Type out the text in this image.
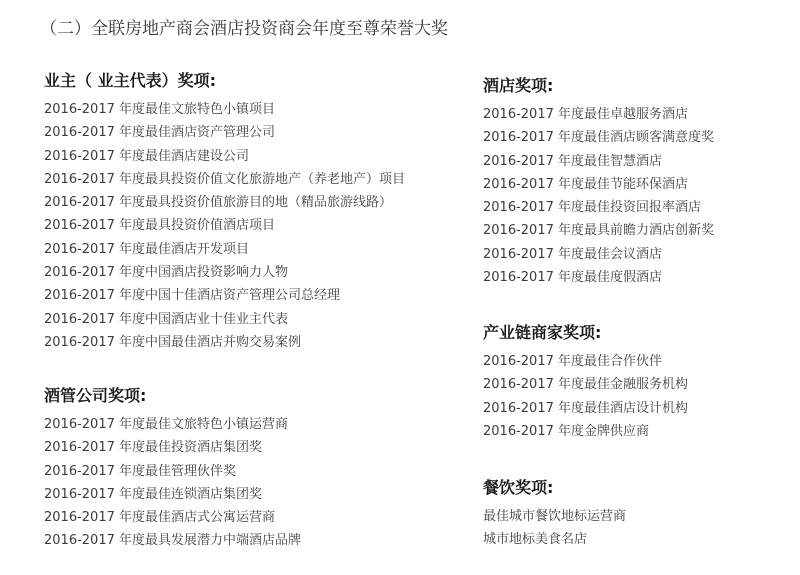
（二）全联房地产商会酒店投资商会年度至尊荣誉大奖
业主（ 业主代表）奖项:
2016-2017 年度最佳文旅特色小镇项目
2016-2017 年度最佳酒店资产管理公司
2016-2017 年度最佳酒店建设公司
2016-2017 年度最具投资价值文化旅游地产（养老地产）项目
2016-2017 年度最具投资价值旅游目的地（精品旅游线路）
2016-2017 年度最具投资价值酒店项目
2016-2017 年度最佳酒店开发项目
2016-2017 年度中国酒店投资影响力人物
2016-2017 年度中国十佳酒店资产管理公司总经理
2016-2017 年度中国酒店业十佳业主代表
2016-2017 年度中国最佳酒店并购交易案例
酒管公司奖项:
2016-2017 年度最佳文旅特色小镇运营商
2016-2017 年度最佳投资酒店集团奖
2016-2017 年度最佳管理伙伴奖
2016-2017 年度最佳连锁酒店集团奖
2016-2017 年度最佳酒店式公寓运营商
2016-2017 年度最具发展潜力中端酒店品牌
酒店奖项:
2016-2017 年度最佳卓越服务酒店
2016-2017 年度最佳酒店顾客满意度奖
2016-2017 年度最佳智慧酒店
2016-2017 年度最佳节能环保酒店
2016-2017 年度最佳投资回报率酒店
2016-2017 年度最具前瞻力酒店创新奖
2016-2017 年度最佳会议酒店
2016-2017 年度最佳度假酒店
产业链商家奖项:
2016-2017 年度最佳合作伙伴
2016-2017 年度最佳金融服务机构
2016-2017 年度最佳酒店设计机构
2016-2017 年度金牌供应商
餐饮奖项:
最佳城市餐饮地标运营商
城市地标美食名店
